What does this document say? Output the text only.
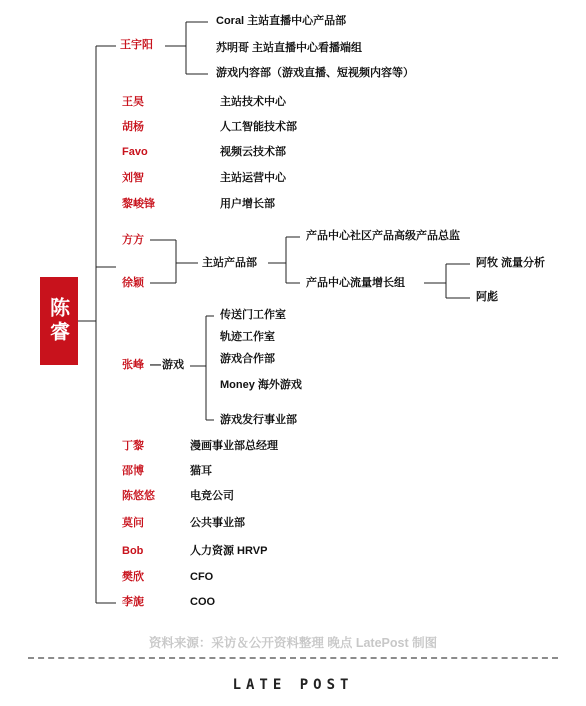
陈睿
王宇阳
Coral 主站直播中心产品部
苏明哥 主站直播中心看播端组
游戏内容部（游戏直播、短视频内容等）
王昊	主站技术中心
胡杨	人工智能技术部
Favo	视频云技术部
刘智	主站运营中心
黎峻锋	用户增长部
方方
徐颖
主站产品部
产品中心社区产品高级产品总监
产品中心流量增长组
阿牧 流量分析
阿彪
张峰 — 游戏
传送门工作室
轨迹工作室
游戏合作部
Money 海外游戏
游戏发行事业部
丁黎	漫画事业部总经理
邵博	猫耳
陈悠悠	电竞公司
莫问	公共事业部
Bob	人力资源 HRVP
樊欣	CFO
李旎	COO
资料来源：采访＆公开资料整理 晚点 LatePost 制图
LATE POST
